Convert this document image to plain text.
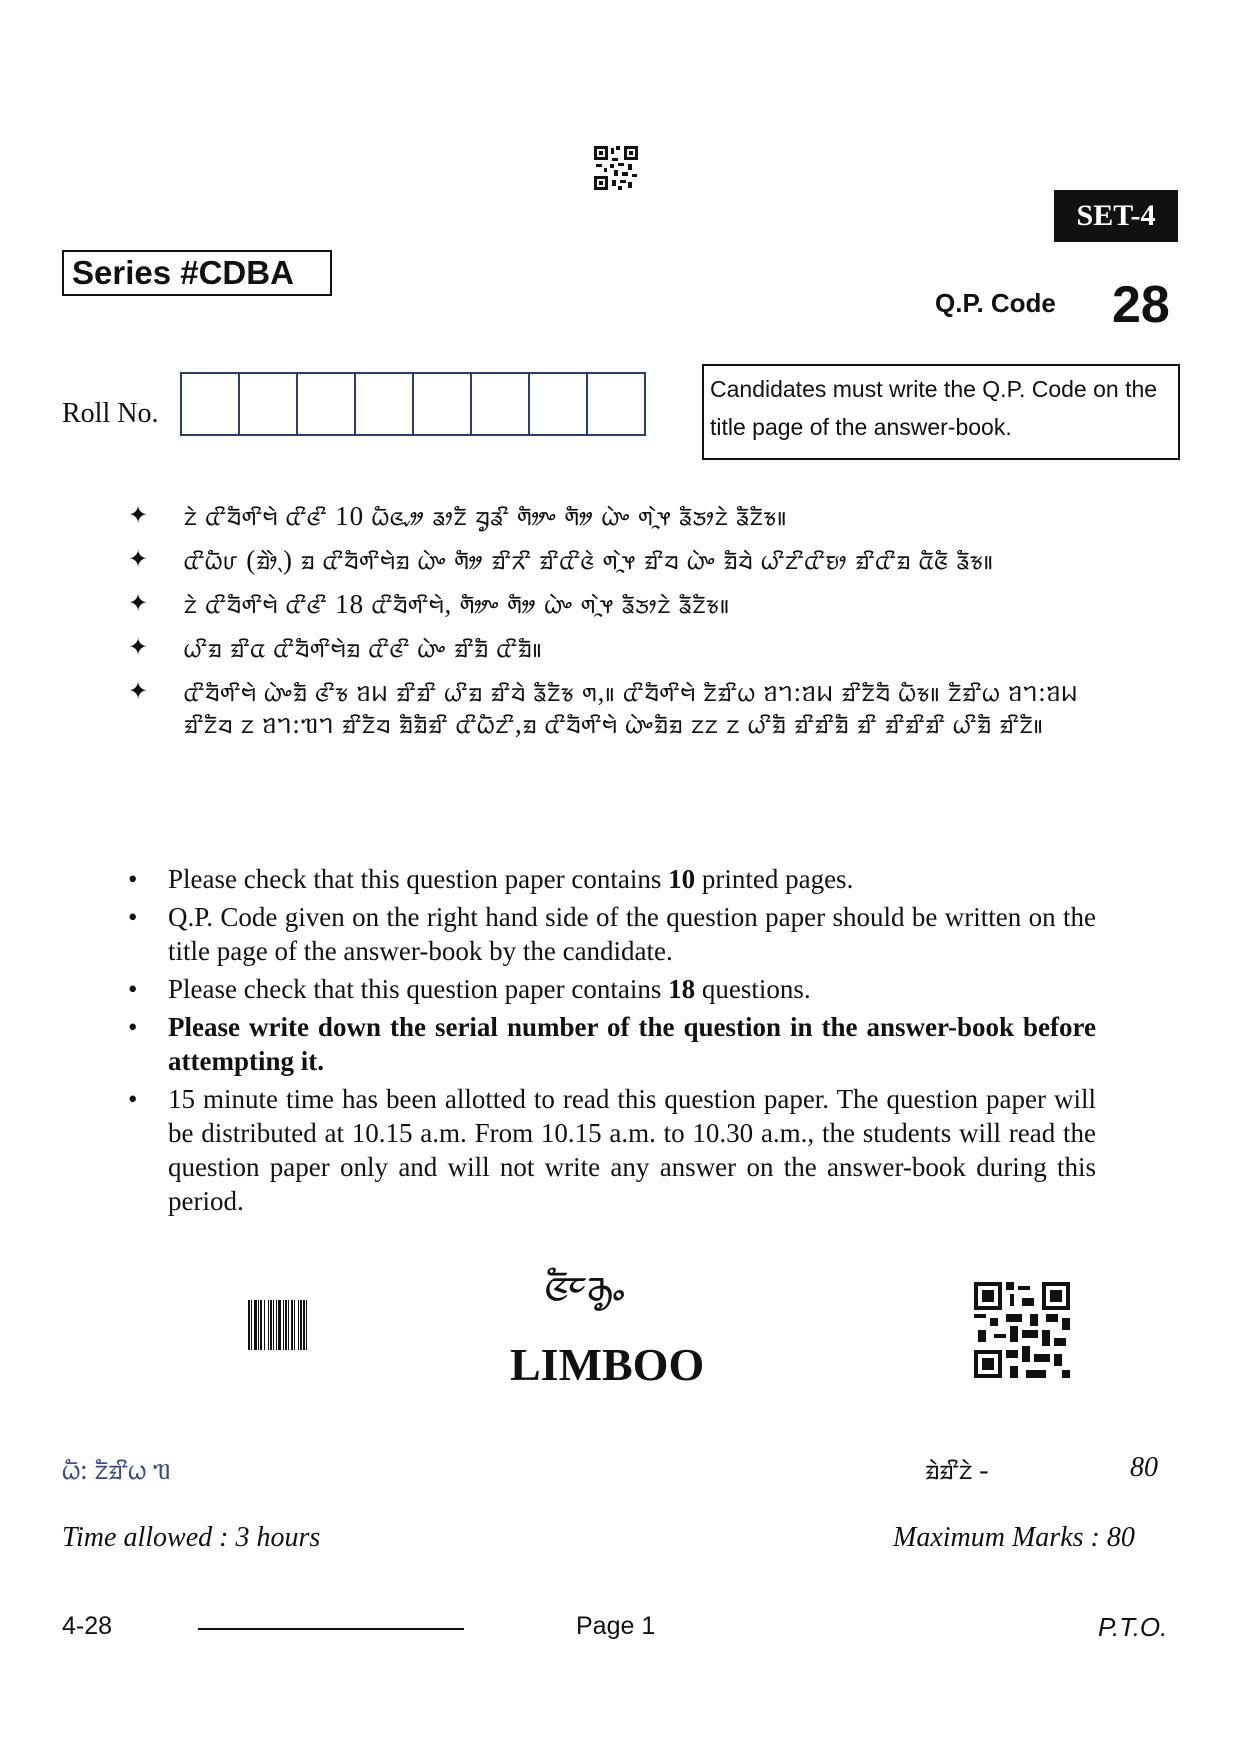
SET-4
Series #CDBA
Q.P. Code 28
Roll No.
Candidates must write the Q.P. Code on the title page of the answer-book.
✦ ᤁᤧ ᤂᤡᤔᤠᤛᤡᤗᤧ ᤂᤡᤜᤡ 10 ᤐᤠᤜᤩᤤ ᤕᤣᤁᤠ ᤔᤢᤕᤡ ᤛᤦᤴ ᤛᤦ ᤐᤧᤴ ᤛᤳᤧᤶ ᤕᤠᤍᤣᤁᤧ ᤕᤠᤁᤠᤃ॥
✦ ᤂᤡᤐᤠᤙ (ᤀᤧᤣᤧᤷ) ᤀ ᤂᤡᤔᤠᤛᤡᤗᤧᤀ ᤐᤧᤴ ᤛᤦ ᤀᤡᤖᤡ ᤀᤡᤂᤡᤜᤧ ᤛᤳᤧᤶ ᤀᤡᤔ ᤐᤧᤴ ᤀᤠᤔᤧ ᤐᤡᤁᤡᤂᤡᤎᤣ ᤀᤡᤂᤡᤀ ᤂᤠᤜᤠ ᤕᤠᤃ॥
✦ ᤁᤧ ᤂᤡᤔᤠᤛᤡᤗᤧ ᤂᤡᤜᤡ 18 ᤂᤡᤔᤠᤛᤡᤗᤧ, ᤛᤦᤴ ᤛᤦ ᤐᤧᤴ ᤛᤳᤧᤶ ᤕᤠᤍᤣᤁᤧ ᤕᤠᤁᤠᤃ॥
✦ ᤐᤡᤀ ᤀᤡᤂ ᤂᤡᤔᤠᤛᤡᤗᤧᤀ ᤂᤡᤜᤡ ᤐᤧᤴ ᤀᤡᤀᤠ ᤂᤡᤀᤠ॥
✦ ᤂᤡᤔᤠᤛᤡᤗᤧ ᤐᤧᤴᤀᤠ ᤜᤡᤃ ᥑᥕ ᤀᤡᤀᤡ ᤐᤡᤀ ᤀᤡᤔᤧ ᤕᤠᤁᤠᤃ ᤛ,॥ ᤂᤡᤔᤠᤛᤡᤗᤧ ᤁᤠᤀᤡᤐ ᥑᥐ:ᥑᥕ ᤀᤡᤁᤠᤔᤠ ᤐᤠᤃ॥ ᤁᤠᤀᤡᤐ ᥑᥐ:ᥑᥕ ᤀᤡᤁᤠᤔ ᤁ ᥑᥐ:ᥓᥐ ᤀᤡᤁᤠᤔ ᤀᤠᤀᤠᤀᤡ ᤂᤡᤐᤠᤁᤡ,ᤀ ᤂᤡᤔᤠᤛᤡᤗᤧ ᤐᤧᤴᤀᤠᤀ ᤁᤁ ᤁ ᤐᤡᤀᤠ ᤀᤡᤀᤡᤀᤠ ᤀᤡ ᤀᤡᤀᤡᤀᤡ ᤐᤡᤀᤠ ᤀᤡᤁᤠ॥
• Please check that this question paper contains 10 printed pages.
• Q.P. Code given on the right hand side of the question paper should be written on the title page of the answer-book by the candidate.
• Please check that this question paper contains 18 questions.
• Please write down the serial number of the question in the answer-book before attempting it.
• 15 minute time has been allotted to read this question paper. The question paper will be distributed at 10.15 a.m. From 10.15 a.m. to 10.30 a.m., the students will read the question paper only and will not write any answer on the answer-book during this period.
ᤜᤠᤰᤌᤢᤱ
LIMBOO
ᤐᤠ: ᤁᤠᤀᤡᤐ ᥓ	ᤀᤧᤀᤡᤁᤧ -	80
Time allowed : 3 hours	Maximum Marks : 80
4-28	Page 1	P.T.O.
